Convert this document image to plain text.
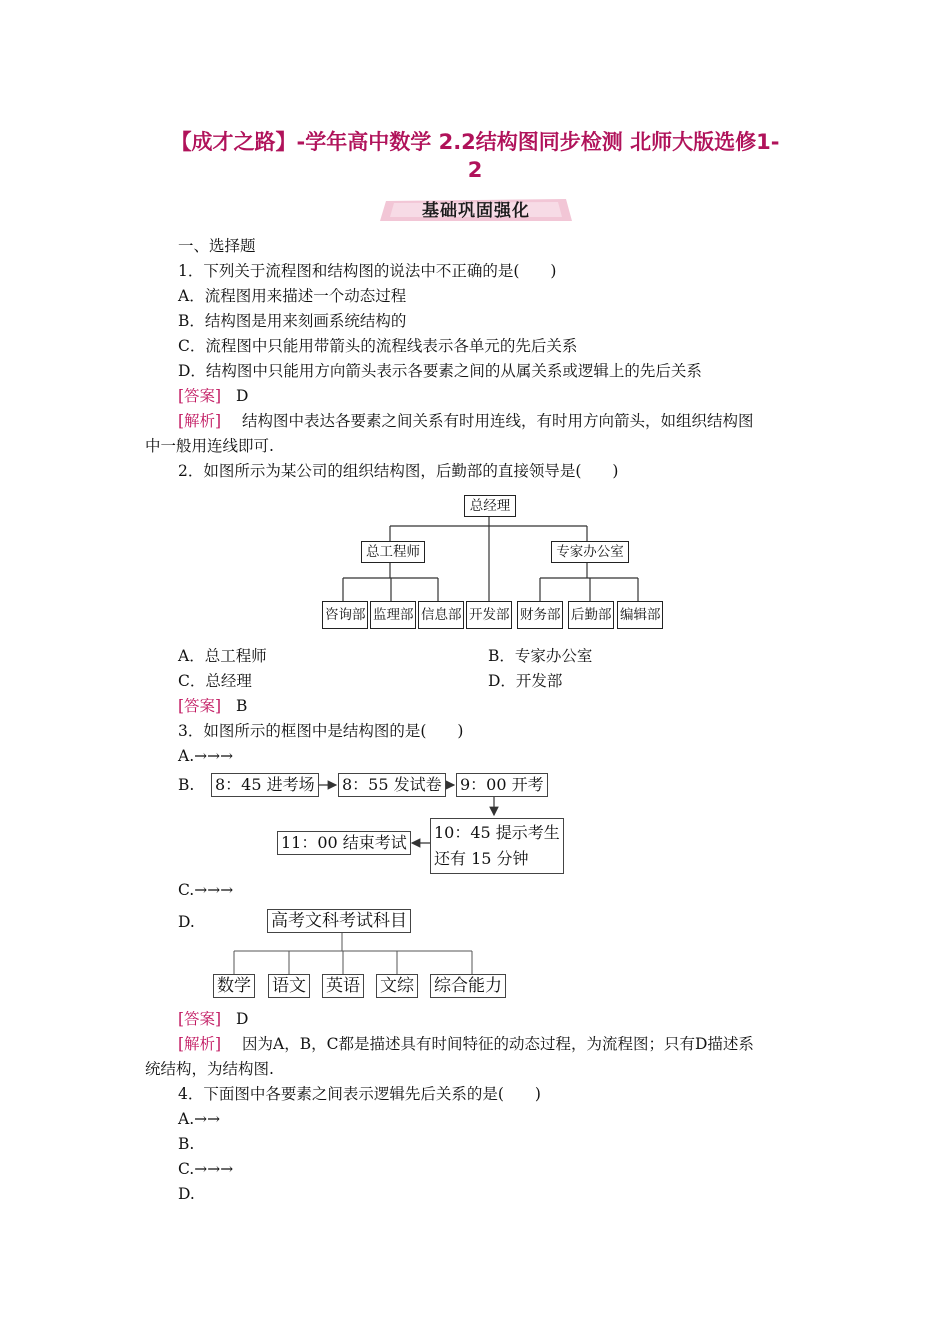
【成才之路】-学年高中数学 2.2结构图同步检测 北师大版选修1-
2
基础巩固强化
一、选择题
1．下列关于流程图和结构图的说法中不正确的是(　　)
A．流程图用来描述一个动态过程
B．结构图是用来刻画系统结构的
C．流程图中只能用带箭头的流程线表示各单元的先后关系
D．结构图中只能用方向箭头表示各要素之间的从属关系或逻辑上的先后关系
[答案] D
[解析] 结构图中表达各要素之间关系有时用连线，有时用方向箭头，如组织结构图
中一般用连线即可.
2．如图所示为某公司的组织结构图，后勤部的直接领导是(　　)
总经理
总工程师	专家办公室
咨询部 监理部 信息部 开发部 财务部 后勤部 编辑部
A．总工程师	B．专家办公室
C．总经理	D．开发部
[答案] B
3．如图所示的框图中是结构图的是(　　)
A.→→→
B. 8：45 进考场 8：55 发试卷 9：00 开考
10：45 提示考生
还有 15 分钟
11：00 结束考试
C.→→→
D.	高考文科考试科目
数学 语文 英语 文综 综合能力
[答案] D
[解析] 因为A，B，C都是描述具有时间特征的动态过程，为流程图；只有D描述系
统结构，为结构图.
4．下面图中各要素之间表示逻辑先后关系的是(　　)
A.→→
B.
C.→→→
D.
